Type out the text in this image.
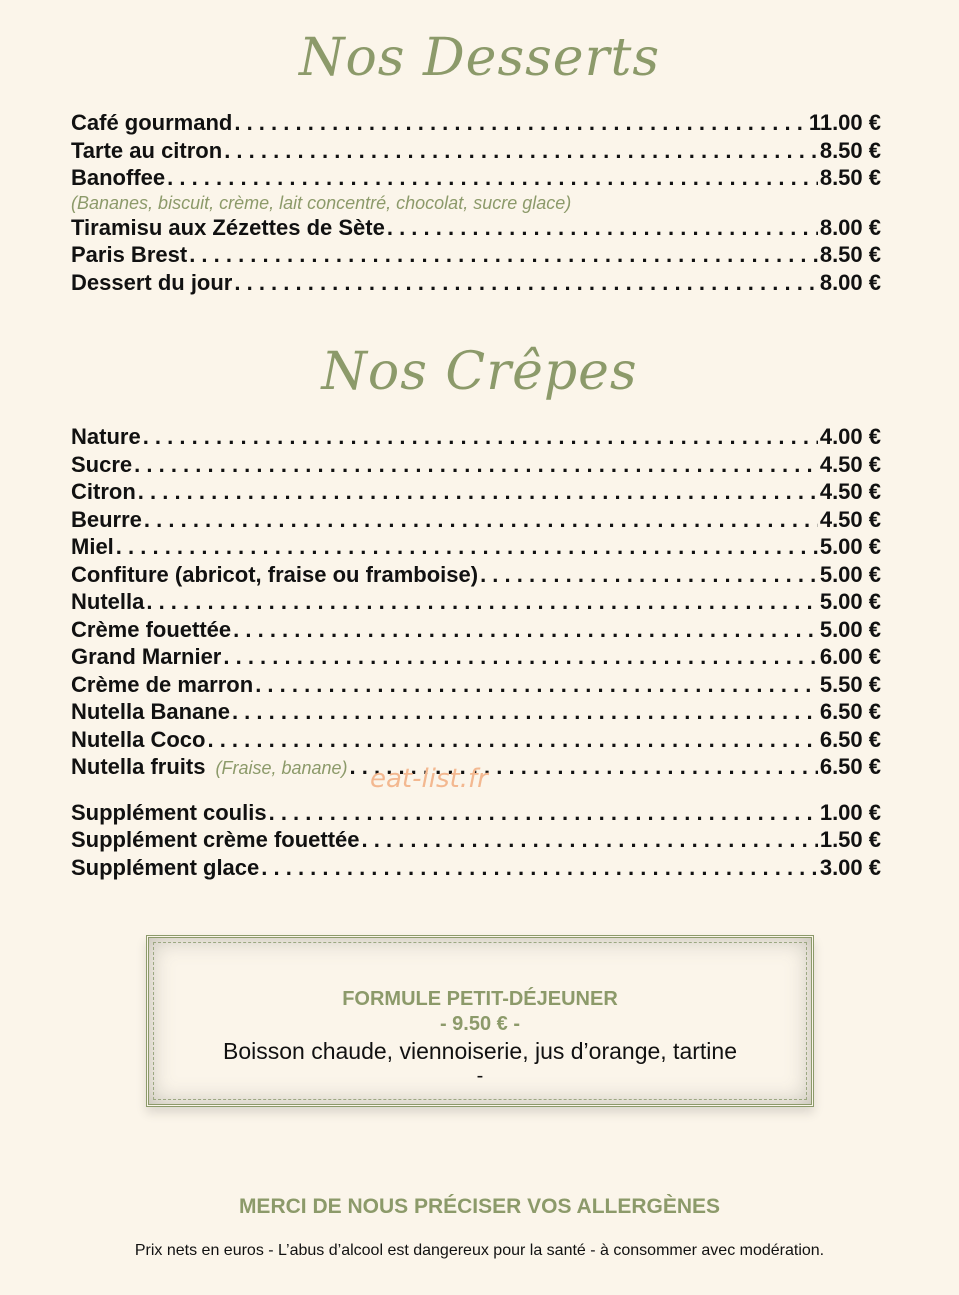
Nos Desserts
Café gourmand . . .	11.00 €
Tarte au citron . . .	8.50 €
Banoffee . . .	8.50 €
(Bananes, biscuit, crème, lait concentré, chocolat, sucre glace)
Tiramisu aux Zézettes de Sète . . .	8.00 €
Paris Brest . . .	8.50 €
Dessert du jour . . .	8.00 €
Nos Crêpes
Nature . . .	4.00 €
Sucre . . .	4.50 €
Citron . . .	4.50 €
Beurre . . .	4.50 €
Miel . . .	5.00 €
Confiture (abricot, fraise ou framboise) . . .	5.00 €
Nutella . . .	5.00 €
Crème fouettée . . .	5.00 €
Grand Marnier . . .	6.00 €
Crème de marron . . .	5.50 €
Nutella Banane . . .	6.50 €
Nutella Coco . . .	6.50 €
Nutella fruits (Fraise, banane) . . .	6.50 €
Supplément coulis . . .	1.00 €
Supplément crème fouettée . . .	1.50 €
Supplément glace . . .	3.00 €
eat-list.fr
FORMULE PETIT-DÉJEUNER
- 9.50 € -
Boisson chaude, viennoiserie, jus d’orange, tartine
-
MERCI DE NOUS PRÉCISER VOS ALLERGÈNES
Prix nets en euros - L’abus d’alcool est dangereux pour la santé - à consommer avec modération.
